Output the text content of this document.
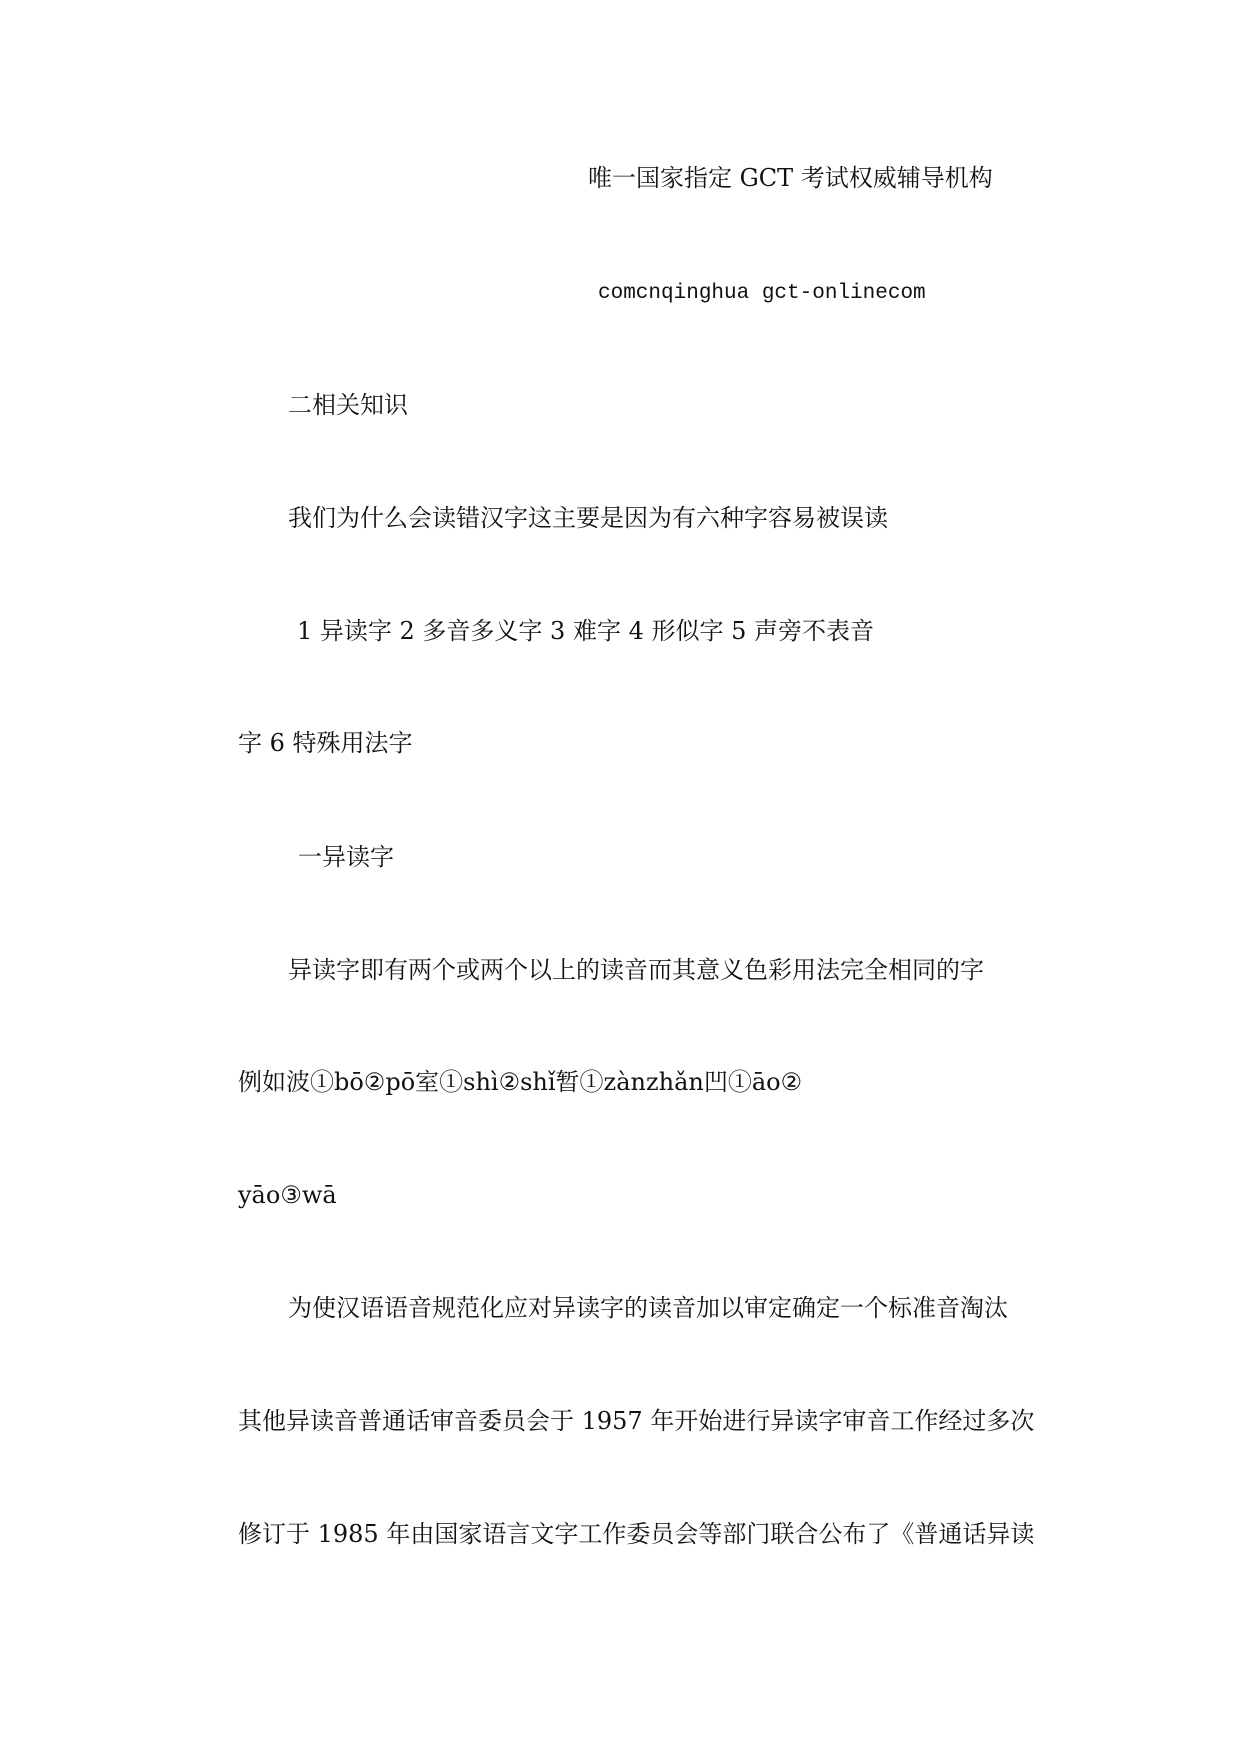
唯一国家指定 GCT 考试权威辅导机构
comcnqinghua gct-onlinecom
二相关知识
我们为什么会读错汉字这主要是因为有六种字容易被误读
1 异读字 2 多音多义字 3 难字 4 形似字 5 声旁不表音
字 6 特殊用法字
一异读字
异读字即有两个或两个以上的读音而其意义色彩用法完全相同的字
例如波①bō②pō室①shì②shǐ暂①zànzhǎn凹①āo②
yāo③wā
为使汉语语音规范化应对异读字的读音加以审定确定一个标准音淘汰
其他异读音普通话审音委员会于 1957 年开始进行异读字审音工作经过多次
修订于 1985 年由国家语言文字工作委员会等部门联合公布了《普通话异读
